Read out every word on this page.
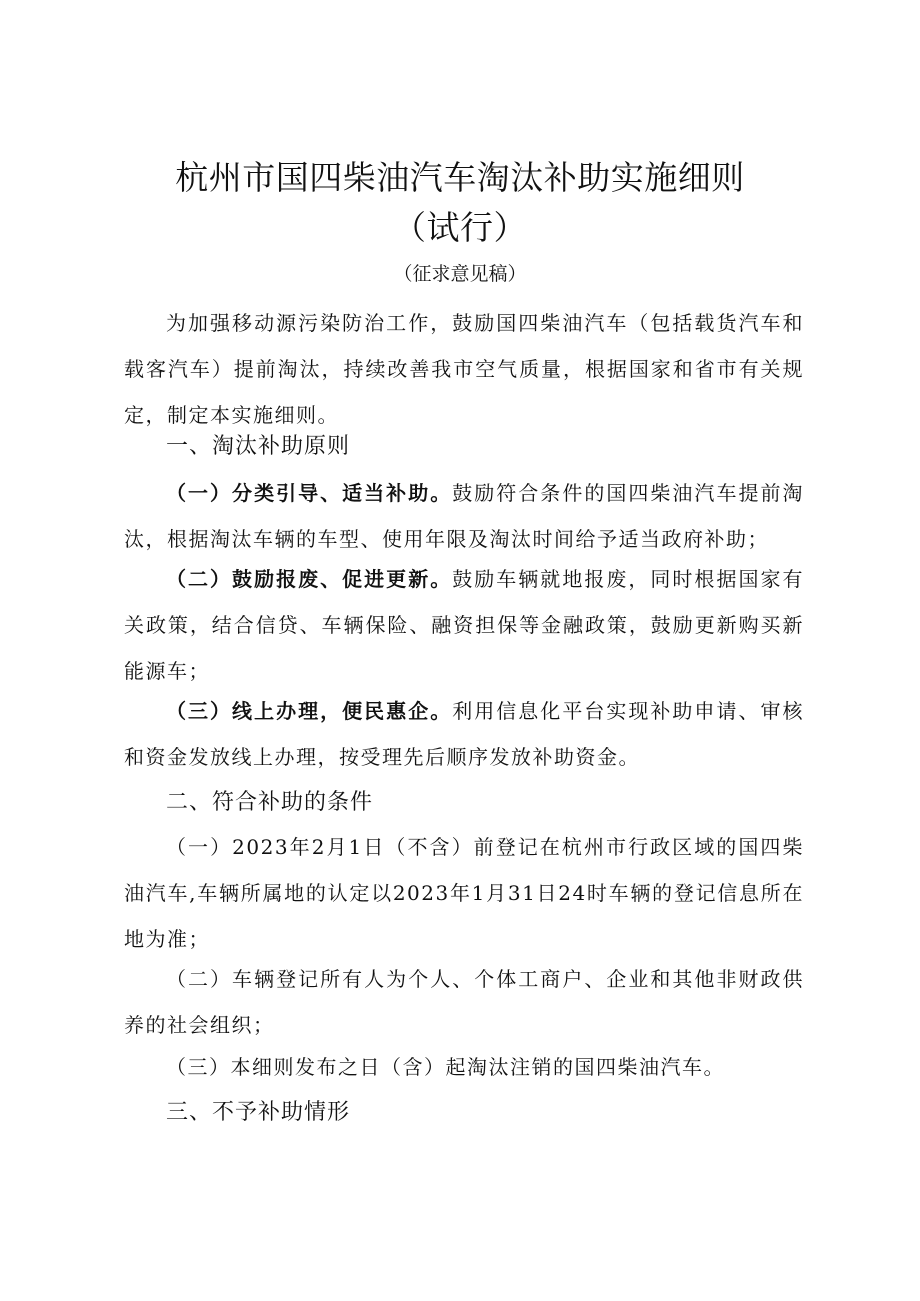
杭州市国四柴油汽车淘汰补助实施细则
（试行）
（征求意见稿）

为加强移动源污染防治工作，鼓励国四柴油汽车（包括载货汽车和载客汽车）提前淘汰，持续改善我市空气质量，根据国家和省市有关规定，制定本实施细则。

一、淘汰补助原则

（一）分类引导、适当补助。鼓励符合条件的国四柴油汽车提前淘汰，根据淘汰车辆的车型、使用年限及淘汰时间给予适当政府补助；

（二）鼓励报废、促进更新。鼓励车辆就地报废，同时根据国家有关政策，结合信贷、车辆保险、融资担保等金融政策，鼓励更新购买新能源车；

（三）线上办理，便民惠企。利用信息化平台实现补助申请、审核和资金发放线上办理，按受理先后顺序发放补助资金。

二、符合补助的条件

（一）2023年2月1日（不含）前登记在杭州市行政区域的国四柴油汽车,车辆所属地的认定以2023年1月31日24时车辆的登记信息所在地为准；

（二）车辆登记所有人为个人、个体工商户、企业和其他非财政供养的社会组织；

（三）本细则发布之日（含）起淘汰注销的国四柴油汽车。

三、不予补助情形
